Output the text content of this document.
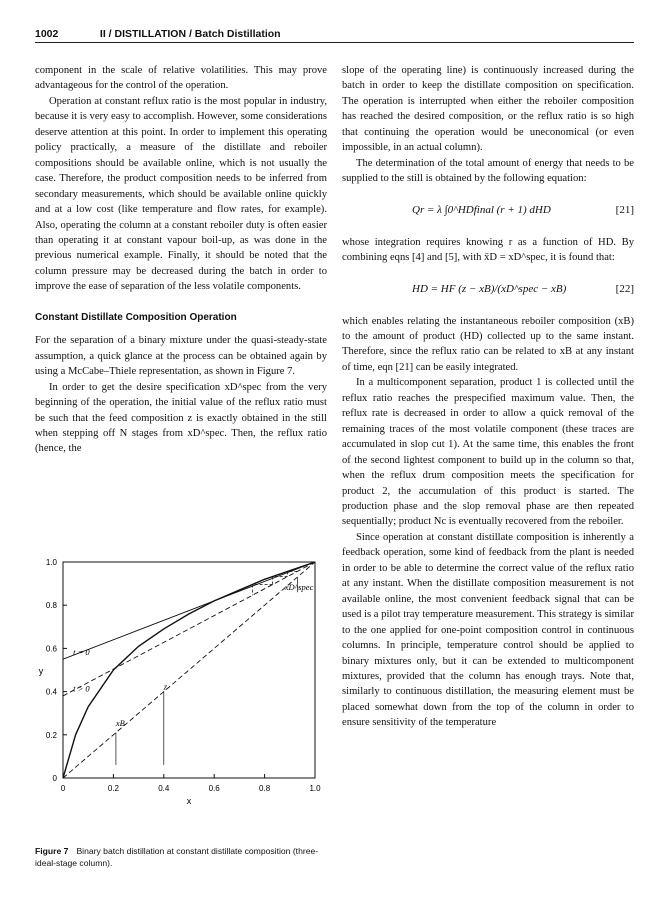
1002	II / DISTILLATION / Batch Distillation

component in the scale of relative volatilities. This may prove advantageous for the control of the operation.

Operation at constant reflux ratio is the most popular in industry, because it is very easy to accomplish. However, some considerations deserve attention at this point. In order to implement this operating policy practically, a measure of the distillate and reboiler compositions should be available online, which is not usually the case. Therefore, the product composition needs to be inferred from secondary measurements, which should be available online quickly and at a low cost (like temperature and flow rates, for example). Also, operating the column at a constant reboiler duty is often easier than operating it at constant vapour boil-up, as was done in the previous numerical example. Finally, it should be noted that the column pressure may be decreased during the batch in order to improve the ease of separation of the less volatile components.

Constant Distillate Composition Operation

For the separation of a binary mixture under the quasi-steady-state assumption, a quick glance at the process can be obtained again by using a McCabe–Thiele representation, as shown in Figure 7.

In order to get the desire specification xD^spec from the very beginning of the operation, the initial value of the reflux ratio must be such that the feed composition z is exactly obtained in the still when stepping off N stages from xD^spec. Then, the reflux ratio (hence, the

slope of the operating line) is continuously increased during the batch in order to keep the distillate composition on specification. The operation is interrupted when either the reboiler composition has reached the desired composition, or the reflux ratio is so high that continuing the operation would be uneconomical (or even impossible, in an actual column).

The determination of the total amount of energy that needs to be supplied to the still is obtained by the following equation:

Qr = λ ∫0^HDfinal (r + 1) dHD	[21]

whose integration requires knowing r as a function of HD. By combining eqns [4] and [5], with x̄D = xD^spec, it is found that:

HD = HF (z − xB)/(xD^spec − xB)	[22]

which enables relating the instantaneous reboiler composition (xB) to the amount of product (HD) collected up to the same instant. Therefore, since the reflux ratio can be related to xB at any instant of time, eqn [21] can be easily integrated.

In a multicomponent separation, product 1 is collected until the reflux ratio reaches the prespecified maximum value. Then, the reflux rate is decreased in order to allow a quick removal of the remaining traces of the most volatile component (these traces are accumulated in slop cut 1). At the same time, this enables the front of the second lightest component to build up in the column so that, when the reflux drum composition meets the specification for product 2, the accumulation of this product is started. The production phase and the slop removal phase are then repeated sequentially; product Nc is eventually recovered from the reboiler.

Since operation at constant distillate composition is inherently a feedback operation, some kind of feedback from the plant is needed in order to be able to determine the correct value of the reflux ratio at any instant. When the distillate composition measurement is not available online, the most convenient feedback signal that can be used is a pilot tray temperature measurement. This strategy is similar to the one applied for one-point composition control in continuous columns. In principle, temperature control should be applied to binary mixtures only, but it can be extended to multicomponent mixtures, provided that the column has enough trays. Note that, similarly to continuous distillation, the measuring element must be placed somewhat down from the top of the column in order to ensure sensitivity of the temperature

0	0.2	0.4	0.6	0.8	1.0
0
0.2
0.4
0.6
0.8
1.0
x
y
t = 0
t > 0
xD^spec
z
xB
Figure 7 Binary batch distillation at constant distillate composition (three-ideal-stage column).
